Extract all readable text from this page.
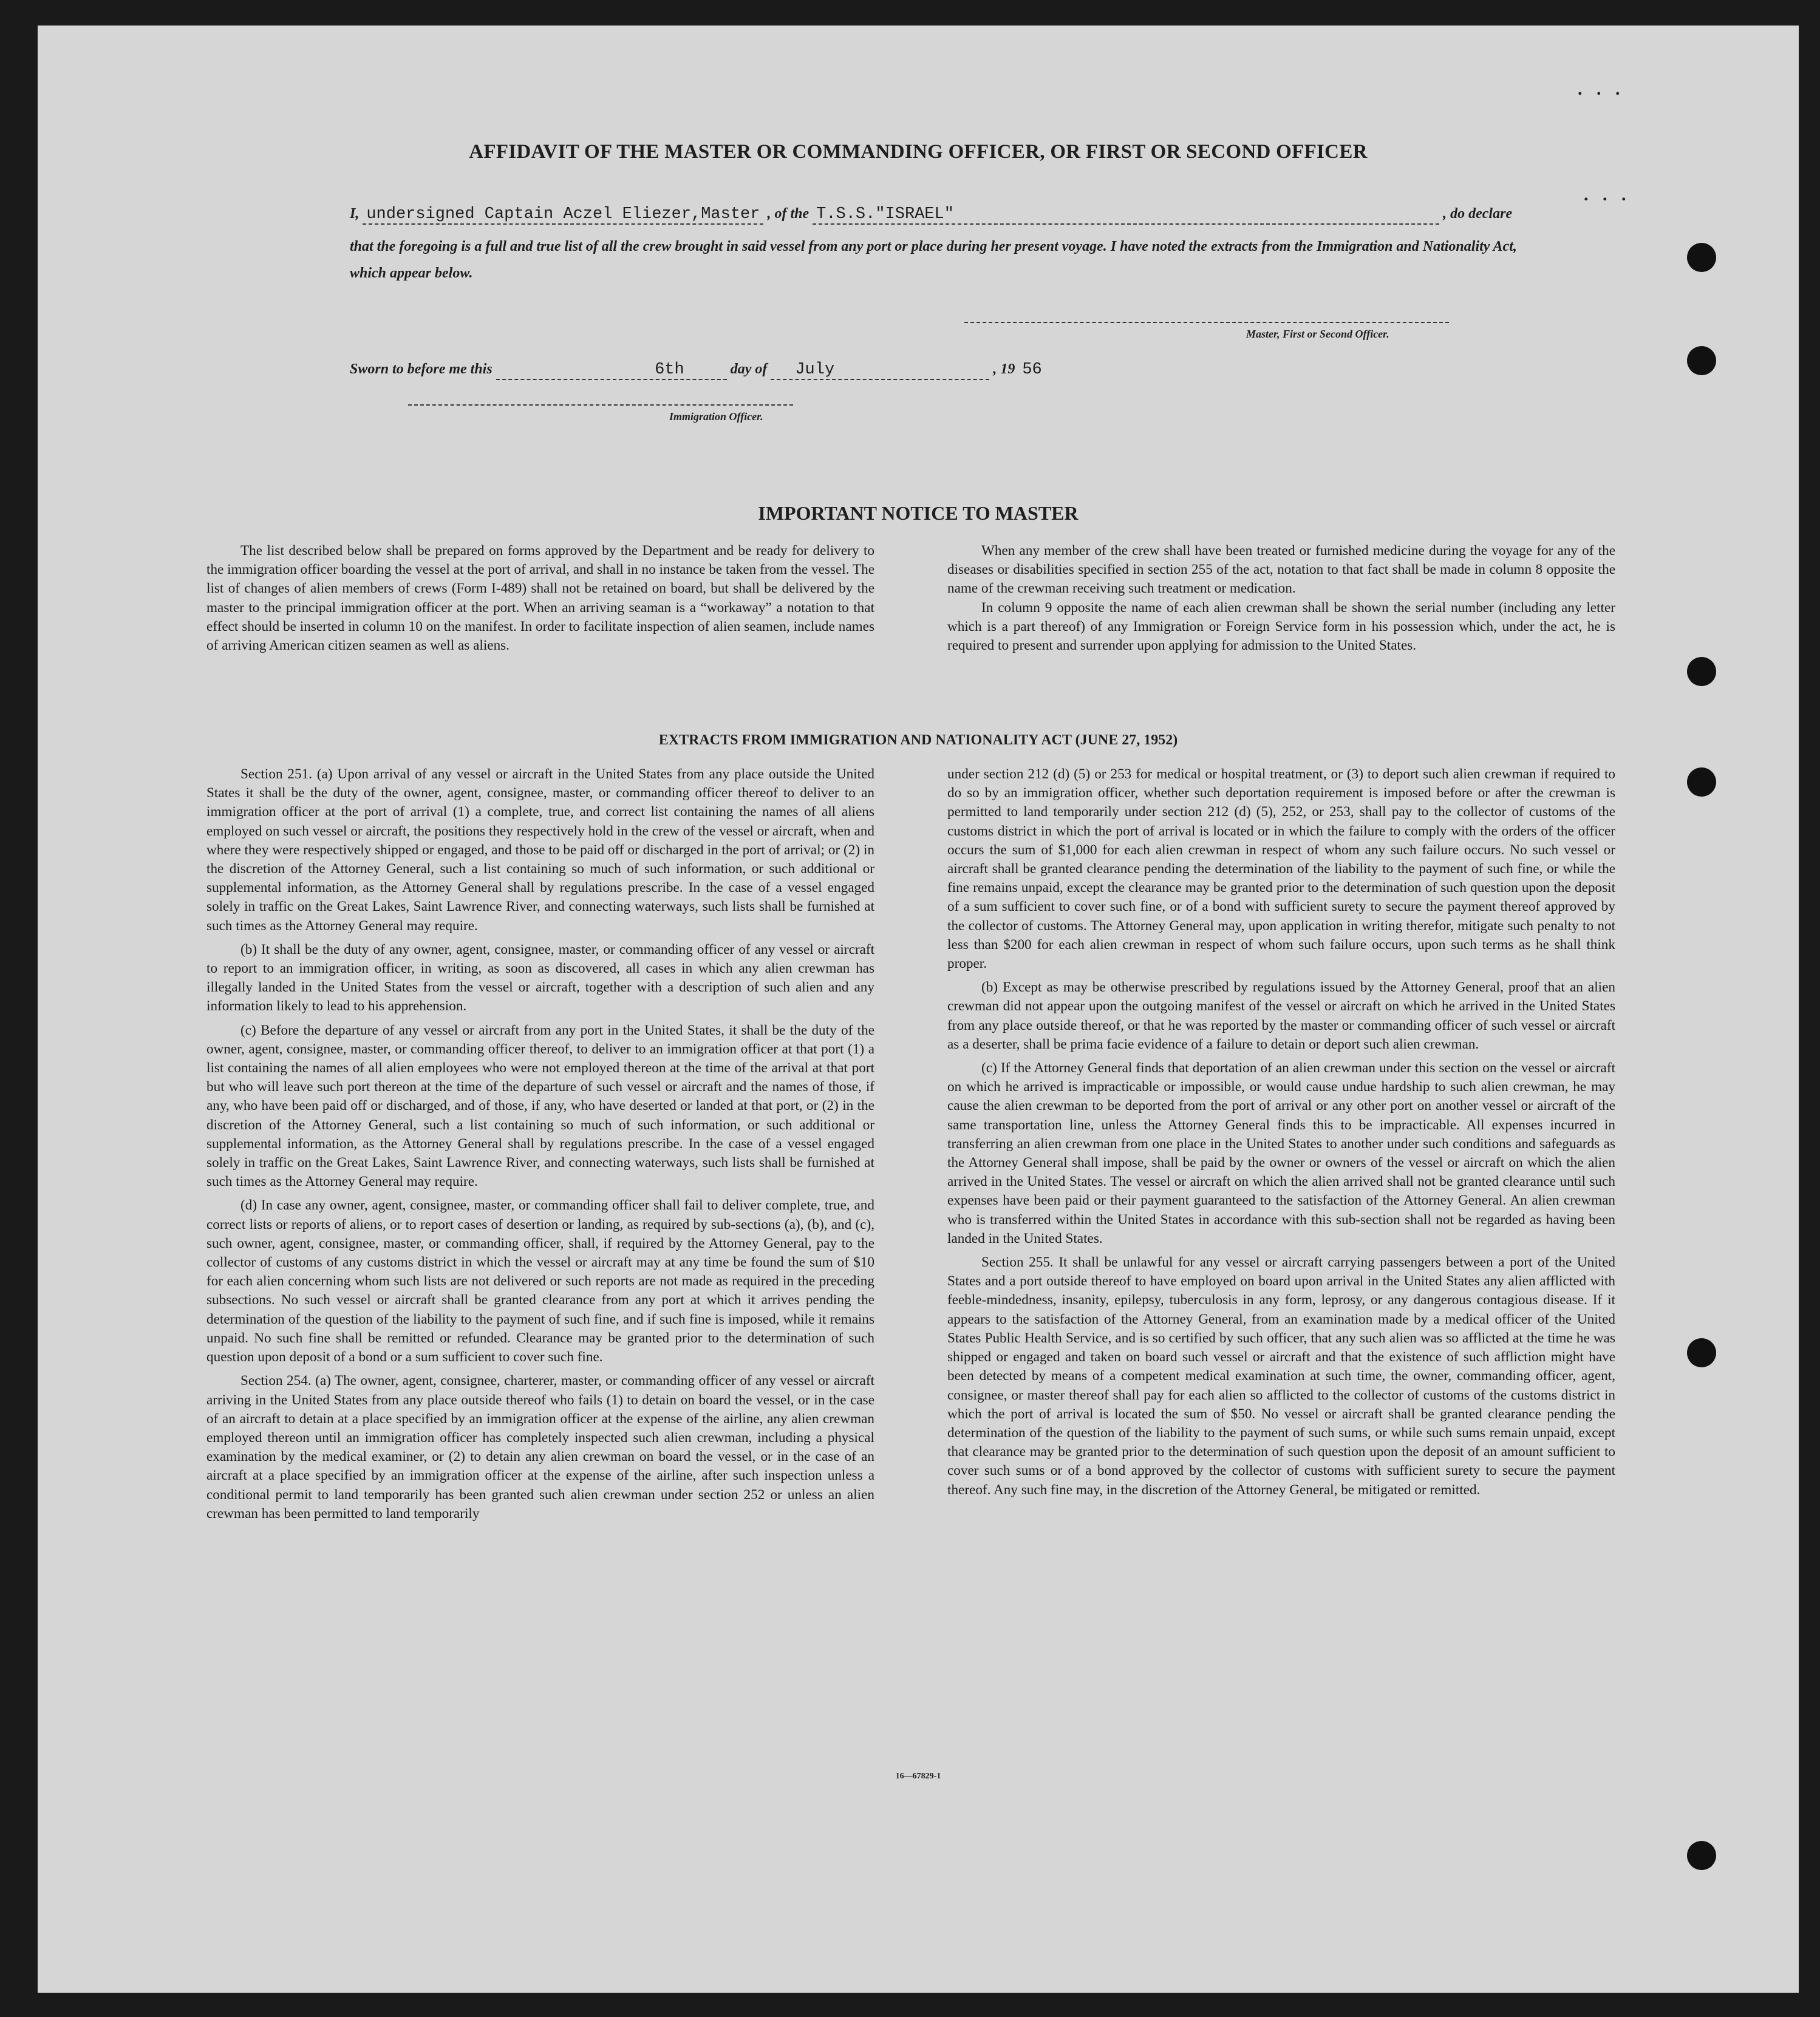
. . .
. . .
AFFIDAVIT OF THE MASTER OR COMMANDING OFFICER, OR FIRST OR SECOND OFFICER
I, undersigned Captain Aczel Eliezer,Master , of the T.S.S."ISRAEL"	, do declare
that the foregoing is a full and true list of all the crew brought in said vessel from any port or place during her present voyage. I have noted the extracts from the Immigration and Nationality Act, which appear below.
Master, First or Second Officer.
Sworn to before me this	6th	day of July	, 19 56
Immigration Officer.
IMPORTANT NOTICE TO MASTER

The list described below shall be prepared on forms approved by the Department and be ready for delivery to the immigration officer boarding the vessel at the port of arrival, and shall in no instance be taken from the vessel. The list of changes of alien members of crews (Form I-489) shall not be retained on board, but shall be delivered by the master to the principal immigration officer at the port. When an arriving seaman is a “workaway” a notation to that effect should be inserted in column 10 on the manifest. In order to facilitate inspection of alien seamen, include names of arriving American citizen seamen as well as aliens.

When any member of the crew shall have been treated or furnished medicine during the voyage for any of the diseases or disabilities specified in section 255 of the act, notation to that fact shall be made in column 8 opposite the name of the crewman receiving such treatment or medication.

In column 9 opposite the name of each alien crewman shall be shown the serial number (including any letter which is a part thereof) of any Immigration or Foreign Service form in his possession which, under the act, he is required to present and surrender upon applying for admission to the United States.

EXTRACTS FROM IMMIGRATION AND NATIONALITY ACT (JUNE 27, 1952)

Section 251. (a) Upon arrival of any vessel or aircraft in the United States from any place outside the United States it shall be the duty of the owner, agent, consignee, master, or commanding officer thereof to deliver to an immigration officer at the port of arrival (1) a complete, true, and correct list containing the names of all aliens employed on such vessel or aircraft, the positions they respectively hold in the crew of the vessel or aircraft, when and where they were respectively shipped or engaged, and those to be paid off or discharged in the port of arrival; or (2) in the discretion of the Attorney General, such a list containing so much of such information, or such additional or supplemental information, as the Attorney General shall by regulations prescribe. In the case of a vessel engaged solely in traffic on the Great Lakes, Saint Lawrence River, and connecting waterways, such lists shall be furnished at such times as the Attorney General may require.

(b) It shall be the duty of any owner, agent, consignee, master, or commanding officer of any vessel or aircraft to report to an immigration officer, in writing, as soon as discovered, all cases in which any alien crewman has illegally landed in the United States from the vessel or aircraft, together with a description of such alien and any information likely to lead to his apprehension.

(c) Before the departure of any vessel or aircraft from any port in the United States, it shall be the duty of the owner, agent, consignee, master, or commanding officer thereof, to deliver to an immigration officer at that port (1) a list containing the names of all alien employees who were not employed thereon at the time of the arrival at that port but who will leave such port thereon at the time of the departure of such vessel or aircraft and the names of those, if any, who have been paid off or discharged, and of those, if any, who have deserted or landed at that port, or (2) in the discretion of the Attorney General, such a list containing so much of such information, or such additional or supplemental information, as the Attorney General shall by regulations prescribe. In the case of a vessel engaged solely in traffic on the Great Lakes, Saint Lawrence River, and connecting waterways, such lists shall be furnished at such times as the Attorney General may require.

(d) In case any owner, agent, consignee, master, or commanding officer shall fail to deliver complete, true, and correct lists or reports of aliens, or to report cases of desertion or landing, as required by sub-sections (a), (b), and (c), such owner, agent, consignee, master, or commanding officer, shall, if required by the Attorney General, pay to the collector of customs of any customs district in which the vessel or aircraft may at any time be found the sum of $10 for each alien concerning whom such lists are not delivered or such reports are not made as required in the preceding subsections. No such vessel or aircraft shall be granted clearance from any port at which it arrives pending the determination of the question of the liability to the payment of such fine, and if such fine is imposed, while it remains unpaid. No such fine shall be remitted or refunded. Clearance may be granted prior to the determination of such question upon deposit of a bond or a sum sufficient to cover such fine.

Section 254. (a) The owner, agent, consignee, charterer, master, or commanding officer of any vessel or aircraft arriving in the United States from any place outside thereof who fails (1) to detain on board the vessel, or in the case of an aircraft to detain at a place specified by an immigration officer at the expense of the airline, any alien crewman employed thereon until an immigration officer has completely inspected such alien crewman, including a physical examination by the medical examiner, or (2) to detain any alien crewman on board the vessel, or in the case of an aircraft at a place specified by an immigration officer at the expense of the airline, after such inspection unless a conditional permit to land temporarily has been granted such alien crewman under section 252 or unless an alien crewman has been permitted to land temporarily

under section 212 (d) (5) or 253 for medical or hospital treatment, or (3) to deport such alien crewman if required to do so by an immigration officer, whether such deportation requirement is imposed before or after the crewman is permitted to land temporarily under section 212 (d) (5), 252, or 253, shall pay to the collector of customs of the customs district in which the port of arrival is located or in which the failure to comply with the orders of the officer occurs the sum of $1,000 for each alien crewman in respect of whom any such failure occurs. No such vessel or aircraft shall be granted clearance pending the determination of the liability to the payment of such fine, or while the fine remains unpaid, except the clearance may be granted prior to the determination of such question upon the deposit of a sum sufficient to cover such fine, or of a bond with sufficient surety to secure the payment thereof approved by the collector of customs. The Attorney General may, upon application in writing therefor, mitigate such penalty to not less than $200 for each alien crewman in respect of whom such failure occurs, upon such terms as he shall think proper.

(b) Except as may be otherwise prescribed by regulations issued by the Attorney General, proof that an alien crewman did not appear upon the outgoing manifest of the vessel or aircraft on which he arrived in the United States from any place outside thereof, or that he was reported by the master or commanding officer of such vessel or aircraft as a deserter, shall be prima facie evidence of a failure to detain or deport such alien crewman.

(c) If the Attorney General finds that deportation of an alien crewman under this section on the vessel or aircraft on which he arrived is impracticable or impossible, or would cause undue hardship to such alien crewman, he may cause the alien crewman to be deported from the port of arrival or any other port on another vessel or aircraft of the same transportation line, unless the Attorney General finds this to be impracticable. All expenses incurred in transferring an alien crewman from one place in the United States to another under such conditions and safeguards as the Attorney General shall impose, shall be paid by the owner or owners of the vessel or aircraft on which the alien arrived in the United States. The vessel or aircraft on which the alien arrived shall not be granted clearance until such expenses have been paid or their payment guaranteed to the satisfaction of the Attorney General. An alien crewman who is transferred within the United States in accordance with this sub-section shall not be regarded as having been landed in the United States.

Section 255. It shall be unlawful for any vessel or aircraft carrying passengers between a port of the United States and a port outside thereof to have employed on board upon arrival in the United States any alien afflicted with feeble-mindedness, insanity, epilepsy, tuberculosis in any form, leprosy, or any dangerous contagious disease. If it appears to the satisfaction of the Attorney General, from an examination made by a medical officer of the United States Public Health Service, and is so certified by such officer, that any such alien was so afflicted at the time he was shipped or engaged and taken on board such vessel or aircraft and that the existence of such affliction might have been detected by means of a competent medical examination at such time, the owner, commanding officer, agent, consignee, or master thereof shall pay for each alien so afflicted to the collector of customs of the customs district in which the port of arrival is located the sum of $50. No vessel or aircraft shall be granted clearance pending the determination of the question of the liability to the payment of such sums, or while such sums remain unpaid, except that clearance may be granted prior to the determination of such question upon the deposit of an amount sufficient to cover such sums or of a bond approved by the collector of customs with sufficient surety to secure the payment thereof. Any such fine may, in the discretion of the Attorney General, be mitigated or remitted.

16—67829-1
